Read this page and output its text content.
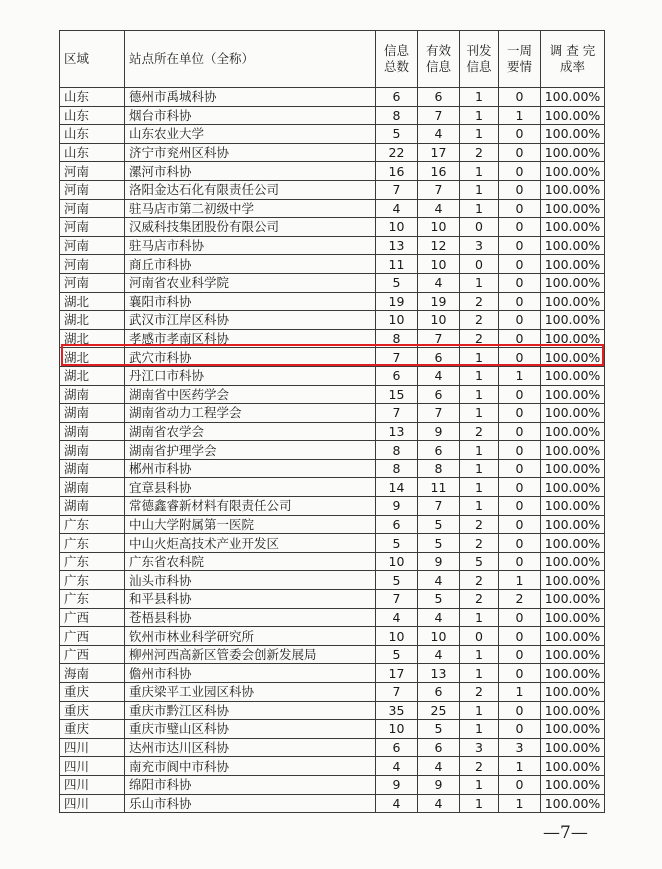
区域	站点所在单位（全称）	信息总数	有效信息	刊发信息	一周要情	调 查 完成率
山东	德州市禹城科协	6	6	1	0	100.00%
山东	烟台市科协	8	7	1	1	100.00%
山东	山东农业大学	5	4	1	0	100.00%
山东	济宁市兖州区科协	22	17	2	0	100.00%
河南	漯河市科协	16	16	1	0	100.00%
河南	洛阳金达石化有限责任公司	7	7	1	0	100.00%
河南	驻马店市第二初级中学	4	4	1	0	100.00%
河南	汉威科技集团股份有限公司	10	10	0	0	100.00%
河南	驻马店市科协	13	12	3	0	100.00%
河南	商丘市科协	11	10	0	0	100.00%
河南	河南省农业科学院	5	4	1	0	100.00%
湖北	襄阳市科协	19	19	2	0	100.00%
湖北	武汉市江岸区科协	10	10	2	0	100.00%
湖北	孝感市孝南区科协	8	7	2	0	100.00%
湖北	武穴市科协	7	6	1	0	100.00%
湖北	丹江口市科协	6	4	1	1	100.00%
湖南	湖南省中医药学会	15	6	1	0	100.00%
湖南	湖南省动力工程学会	7	7	1	0	100.00%
湖南	湖南省农学会	13	9	2	0	100.00%
湖南	湖南省护理学会	8	6	1	0	100.00%
湖南	郴州市科协	8	8	1	0	100.00%
湖南	宜章县科协	14	11	1	0	100.00%
湖南	常德鑫睿新材料有限责任公司	9	7	1	0	100.00%
广东	中山大学附属第一医院	6	5	2	0	100.00%
广东	中山火炬高技术产业开发区	5	5	2	0	100.00%
广东	广东省农科院	10	9	5	0	100.00%
广东	汕头市科协	5	4	2	1	100.00%
广东	和平县科协	7	5	2	2	100.00%
广西	苍梧县科协	4	4	1	0	100.00%
广西	钦州市林业科学研究所	10	10	0	0	100.00%
广西	柳州河西高新区管委会创新发展局	5	4	1	0	100.00%
海南	儋州市科协	17	13	1	0	100.00%
重庆	重庆梁平工业园区科协	7	6	2	1	100.00%
重庆	重庆市黔江区科协	35	25	1	0	100.00%
重庆	重庆市璧山区科协	10	5	1	0	100.00%
四川	达州市达川区科协	6	6	3	3	100.00%
四川	南充市阆中市科协	4	4	2	1	100.00%
四川	绵阳市科协	9	9	1	0	100.00%
四川	乐山市科协	4	4	1	1	100.00%
—7—
